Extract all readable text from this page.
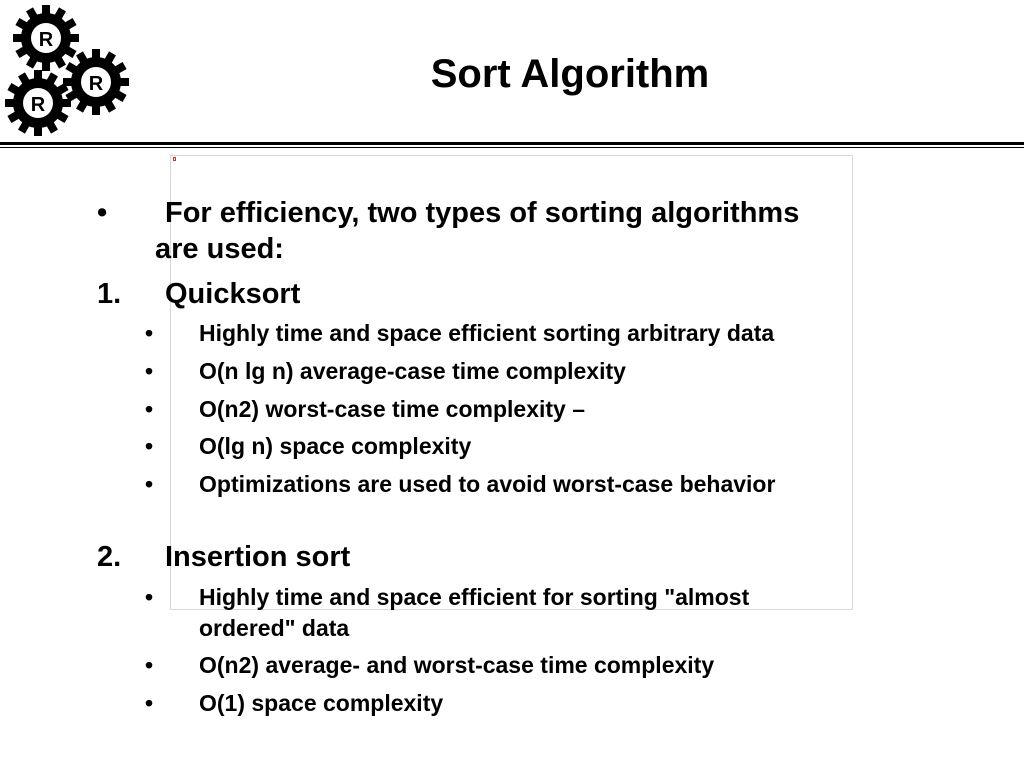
R
R
R
Sort Algorithm
• For efficiency, two types of sorting algorithms
are used:
1. Quicksort
• Highly time and space efficient sorting arbitrary data
• O(n lg n) average-case time complexity
• O(n2) worst-case time complexity –
• O(lg n) space complexity
• Optimizations are used to avoid worst-case behavior
2. Insertion sort
• Highly time and space efficient for sorting "almost
ordered" data
• O(n2) average- and worst-case time complexity
• O(1) space complexity
